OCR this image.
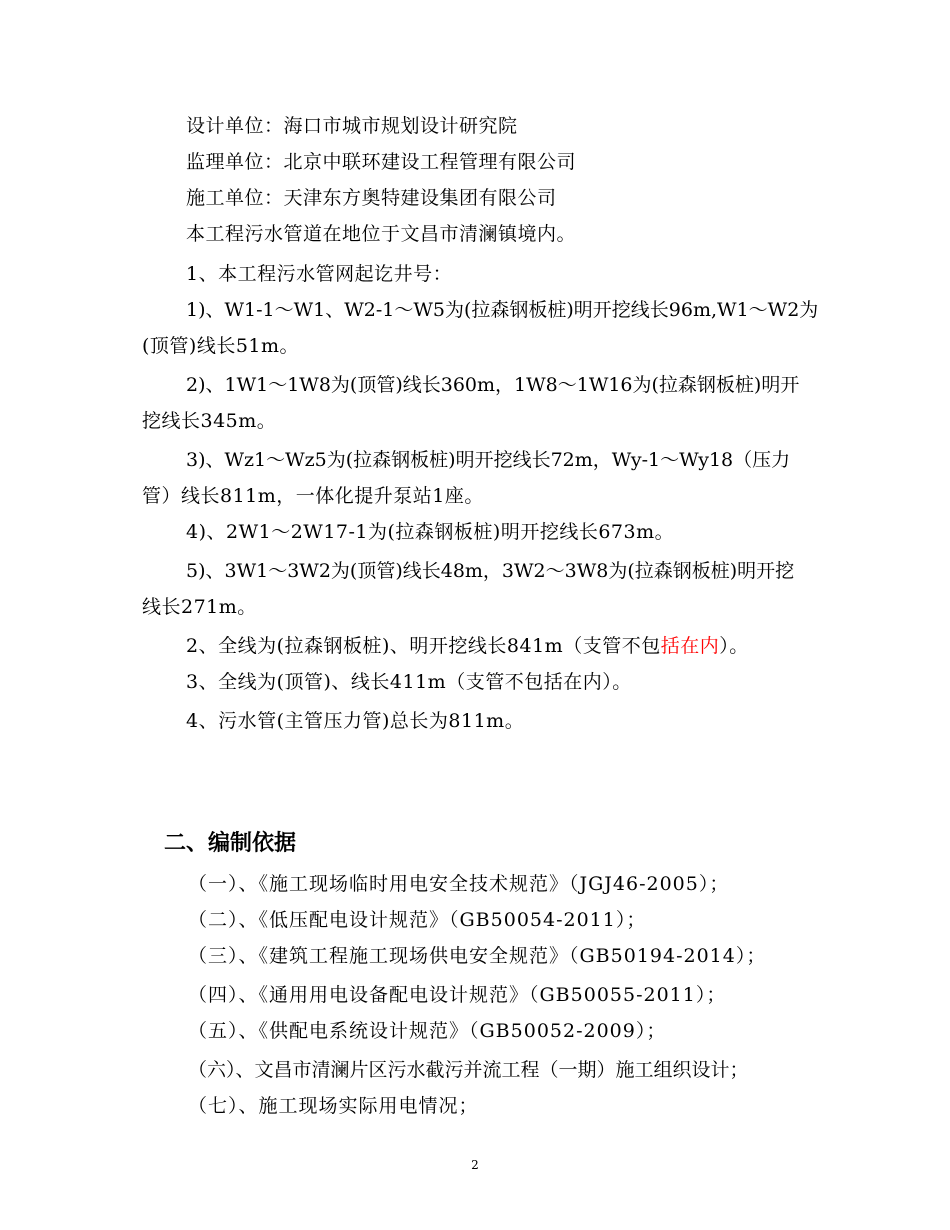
设计单位：海口市城市规划设计研究院
监理单位：北京中联环建设工程管理有限公司
施工单位：天津东方奥特建设集团有限公司
本工程污水管道在地位于文昌市清澜镇境内。
1、本工程污水管网起讫井号：
1)、W1-1～W1、W2-1～W5为(拉森钢板桩)明开挖线长96m,W1～W2为
(顶管)线长51m。
2)、1W1～1W8为(顶管)线长360m，1W8～1W16为(拉森钢板桩)明开
挖线长345m。
3)、Wz1～Wz5为(拉森钢板桩)明开挖线长72m，Wy-1～Wy18（压力
管）线长811m，一体化提升泵站1座。
4)、2W1～2W17-1为(拉森钢板桩)明开挖线长673m。
5)、3W1～3W2为(顶管)线长48m，3W2～3W8为(拉森钢板桩)明开挖
线长271m。
2、全线为(拉森钢板桩)、明开挖线长841m（支管不包括在内）。
3、全线为(顶管)、线长411m（支管不包括在内）。
4、污水管(主管压力管)总长为811m。
二、编制依据
（一）、《施工现场临时用电安全技术规范》（JGJ46-2005）；
（二）、《低压配电设计规范》（GB50054-2011）；
（三）、《建筑工程施工现场供电安全规范》（GB50194-2014）；
（四）、《通用用电设备配电设计规范》（GB50055-2011）；
（五）、《供配电系统设计规范》（GB50052-2009）；
（六）、文昌市清澜片区污水截污并流工程（一期）施工组织设计；
（七）、施工现场实际用电情况；
2
